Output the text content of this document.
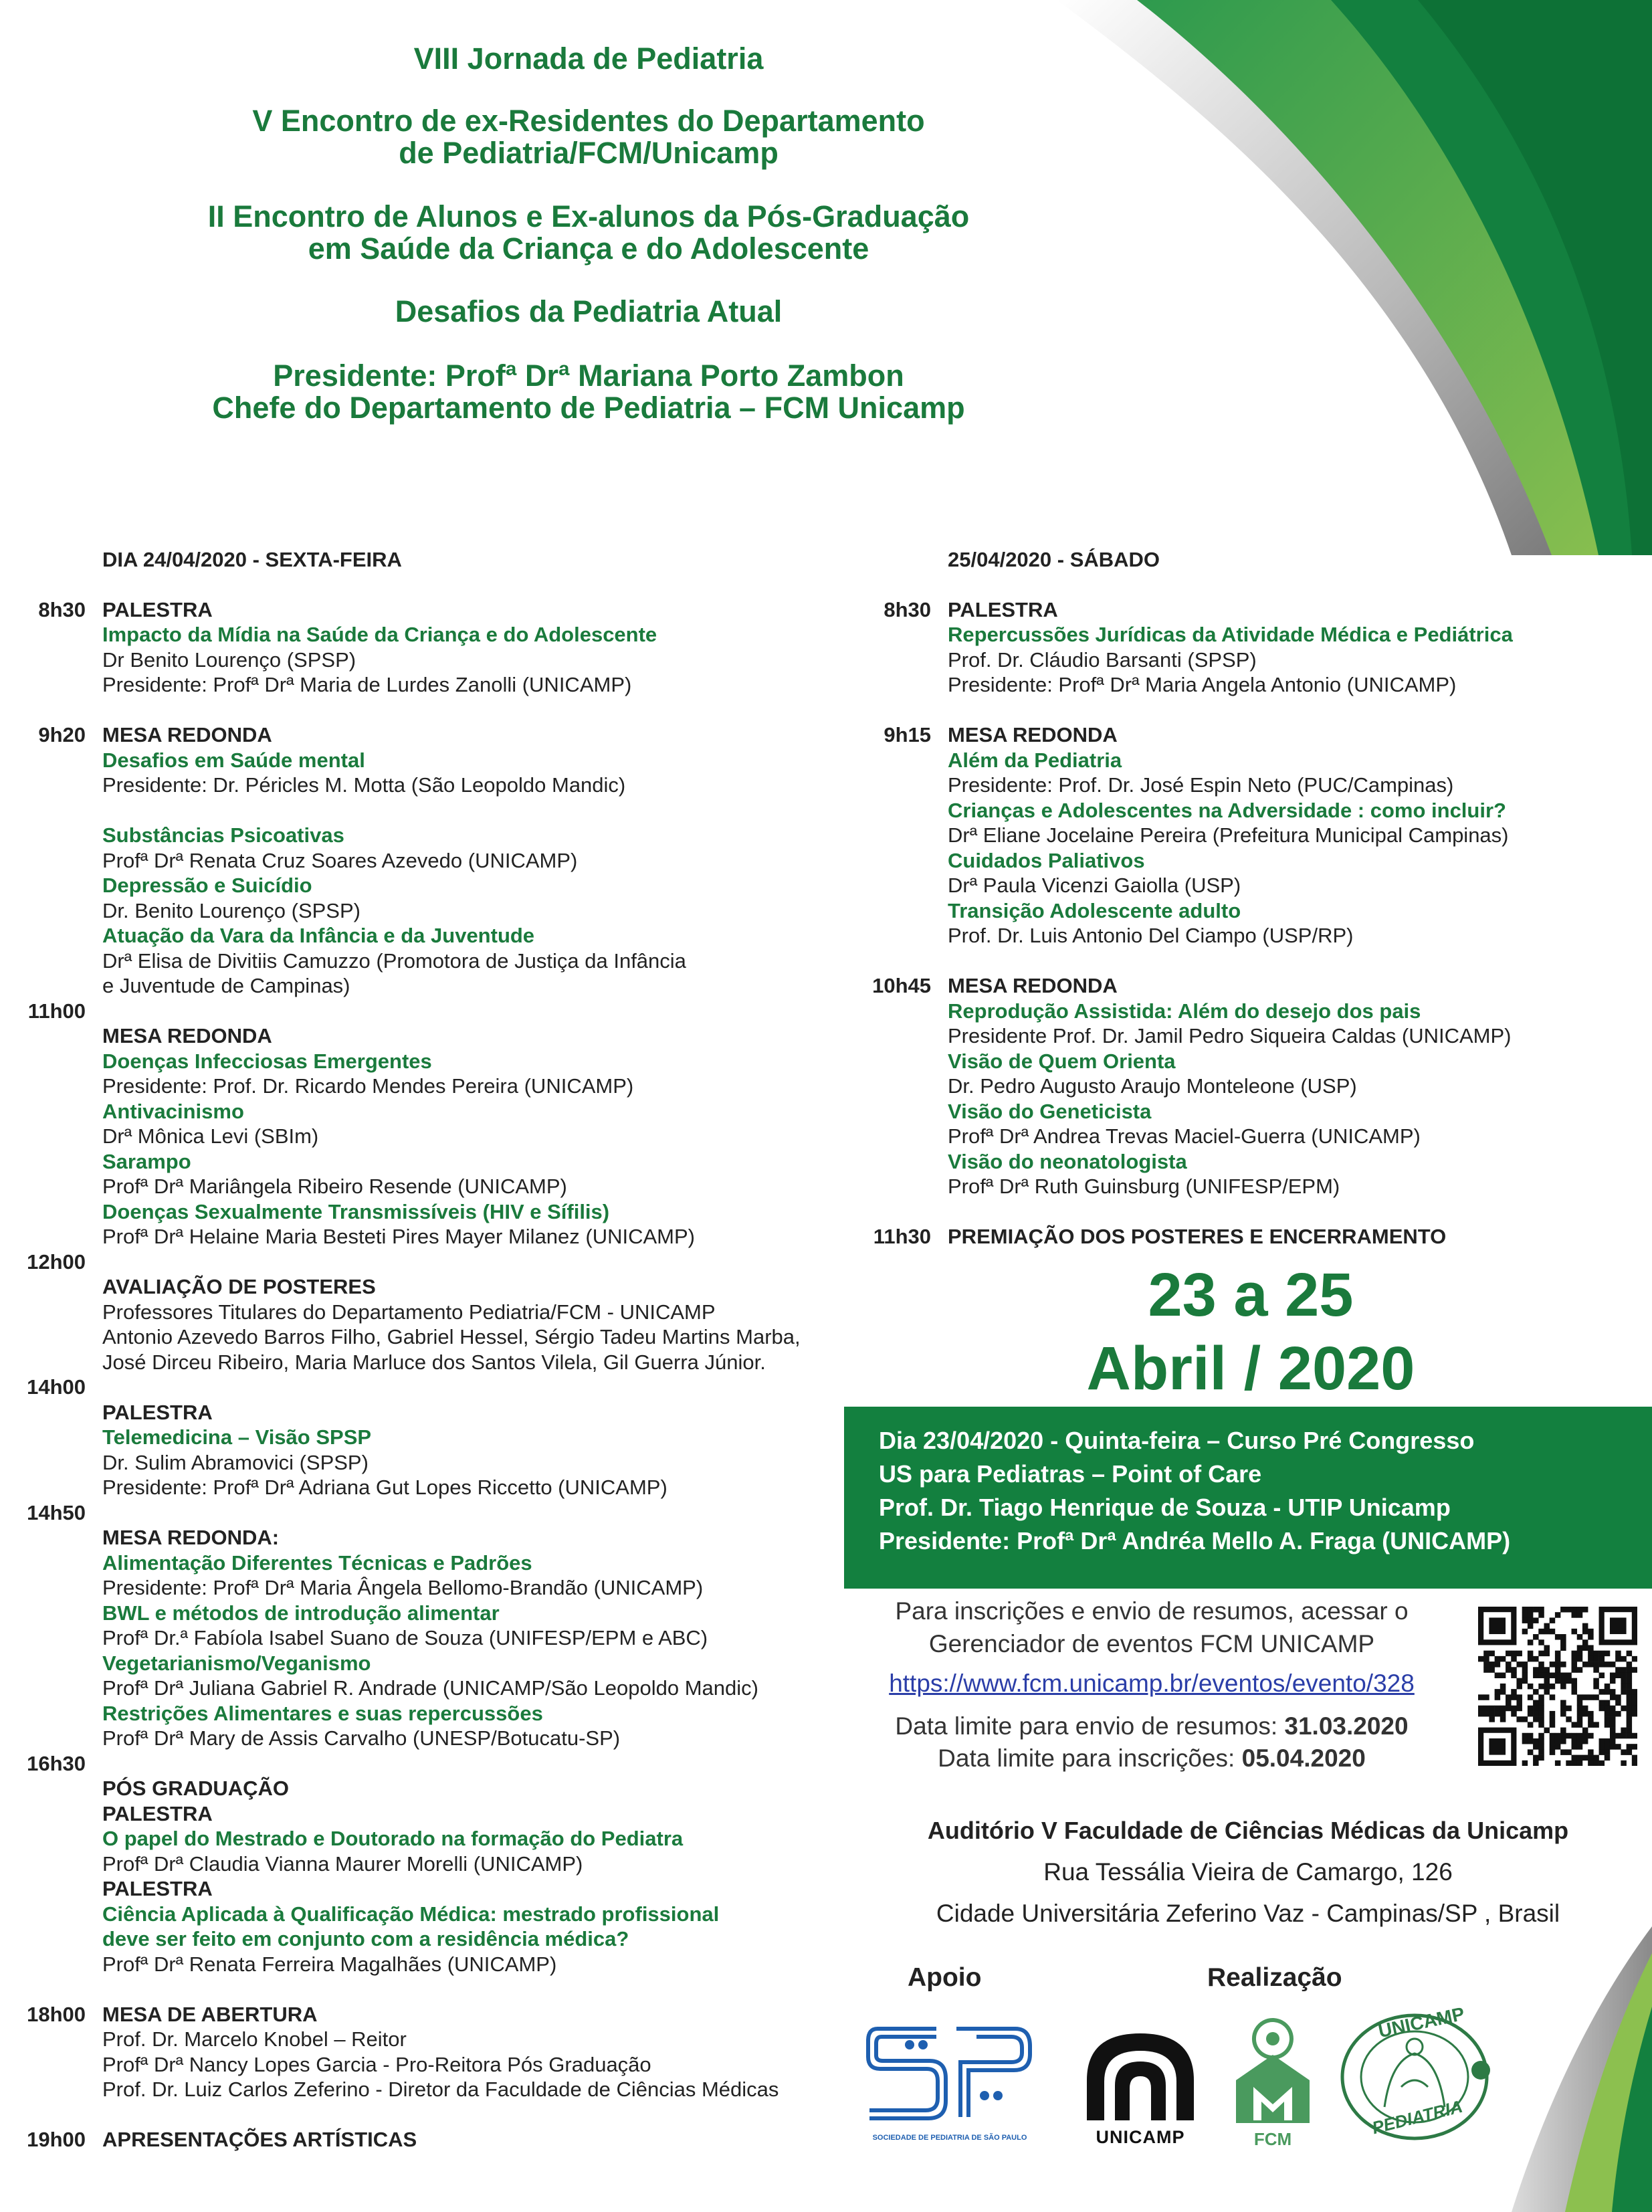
VIII Jornada de Pediatria
V Encontro de ex-Residentes do Departamento
de Pediatria/FCM/Unicamp
II Encontro de Alunos e Ex-alunos da Pós-Graduação
em Saúde da Criança e do Adolescente
Desafios da Pediatria Atual
Presidente: Profª Drª Mariana Porto Zambon
Chefe do Departamento de Pediatria – FCM Unicamp
DIA 24/04/2020 - SEXTA-FEIRA
8h30 PALESTRA
Impacto da Mídia na Saúde da Criança e do Adolescente
Dr Benito Lourenço (SPSP)
Presidente: Profª Drª Maria de Lurdes Zanolli (UNICAMP)
9h20 MESA REDONDA
Desafios em Saúde mental
Presidente: Dr. Péricles M. Motta (São Leopoldo Mandic)
Substâncias Psicoativas
Profª Drª Renata Cruz Soares Azevedo (UNICAMP)
Depressão e Suicídio
Dr. Benito Lourenço (SPSP)
Atuação da Vara da Infância e da Juventude
Drª Elisa de Divitiis Camuzzo (Promotora de Justiça da Infância
e Juventude de Campinas)
11h00
MESA REDONDA
Doenças Infecciosas Emergentes
Presidente: Prof. Dr. Ricardo Mendes Pereira (UNICAMP)
Antivacinismo
Drª Mônica Levi (SBIm)
Sarampo
Profª Drª Mariângela Ribeiro Resende (UNICAMP)
Doenças Sexualmente Transmissíveis (HIV e Sífilis)
Profª Drª Helaine Maria Besteti Pires Mayer Milanez (UNICAMP)
12h00
AVALIAÇÃO DE POSTERES
Professores Titulares do Departamento Pediatria/FCM - UNICAMP
Antonio Azevedo Barros Filho, Gabriel Hessel, Sérgio Tadeu Martins Marba,
José Dirceu Ribeiro, Maria Marluce dos Santos Vilela, Gil Guerra Júnior.
14h00
PALESTRA
Telemedicina – Visão SPSP
Dr. Sulim Abramovici (SPSP)
Presidente: Profª Drª Adriana Gut Lopes Riccetto (UNICAMP)
14h50
MESA REDONDA:
Alimentação Diferentes Técnicas e Padrões
Presidente: Profª Drª Maria Ângela Bellomo-Brandão (UNICAMP)
BWL e métodos de introdução alimentar
Profª Dr.ª Fabíola Isabel Suano de Souza (UNIFESP/EPM e ABC)
Vegetarianismo/Veganismo
Profª Drª Juliana Gabriel R. Andrade (UNICAMP/São Leopoldo Mandic)
Restrições Alimentares e suas repercussões
Profª Drª Mary de Assis Carvalho (UNESP/Botucatu-SP)
16h30
PÓS GRADUAÇÃO
PALESTRA
O papel do Mestrado e Doutorado na formação do Pediatra
Profª Drª Claudia Vianna Maurer Morelli (UNICAMP)
PALESTRA
Ciência Aplicada à Qualificação Médica: mestrado profissional
deve ser feito em conjunto com a residência médica?
Profª Drª Renata Ferreira Magalhães (UNICAMP)
18h00 MESA DE ABERTURA
Prof. Dr. Marcelo Knobel – Reitor
Profª Drª Nancy Lopes Garcia - Pro-Reitora Pós Graduação
Prof. Dr. Luiz Carlos Zeferino - Diretor da Faculdade de Ciências Médicas
19h00 APRESENTAÇÕES ARTÍSTICAS
25/04/2020 - SÁBADO
8h30 PALESTRA
Repercussões Jurídicas da Atividade Médica e Pediátrica
Prof. Dr. Cláudio Barsanti (SPSP)
Presidente: Profª Drª Maria Angela Antonio (UNICAMP)
9h15 MESA REDONDA
Além da Pediatria
Presidente: Prof. Dr. José Espin Neto (PUC/Campinas)
Crianças e Adolescentes na Adversidade : como incluir?
Drª Eliane Jocelaine Pereira (Prefeitura Municipal Campinas)
Cuidados Paliativos
Drª Paula Vicenzi Gaiolla (USP)
Transição Adolescente adulto
Prof. Dr. Luis Antonio Del Ciampo (USP/RP)
10h45 MESA REDONDA
Reprodução Assistida: Além do desejo dos pais
Presidente Prof. Dr. Jamil Pedro Siqueira Caldas (UNICAMP)
Visão de Quem Orienta
Dr. Pedro Augusto Araujo Monteleone (USP)
Visão do Geneticista
Profª Drª Andrea Trevas Maciel-Guerra (UNICAMP)
Visão do neonatologista
Profª Drª Ruth Guinsburg (UNIFESP/EPM)
11h30 PREMIAÇÃO DOS POSTERES E ENCERRAMENTO
23 a 25
Abril / 2020
Dia 23/04/2020 - Quinta-feira – Curso Pré Congresso
US para Pediatras – Point of Care
Prof. Dr. Tiago Henrique de Souza - UTIP Unicamp
Presidente: Profª Drª Andréa Mello A. Fraga (UNICAMP)
Para inscrições e envio de resumos, acessar o
Gerenciador de eventos FCM UNICAMP
https://www.fcm.unicamp.br/eventos/evento/328
Data limite para envio de resumos: 31.03.2020
Data limite para inscrições: 05.04.2020
Auditório V Faculdade de Ciências Médicas da Unicamp
Rua Tessália Vieira de Camargo, 126
Cidade Universitária Zeferino Vaz - Campinas/SP , Brasil
Apoio	Realização
SOCIEDADE DE PEDIATRIA DE SÃO PAULO	UNICAMP	FCM
UNICAMP
PEDIATRIA
